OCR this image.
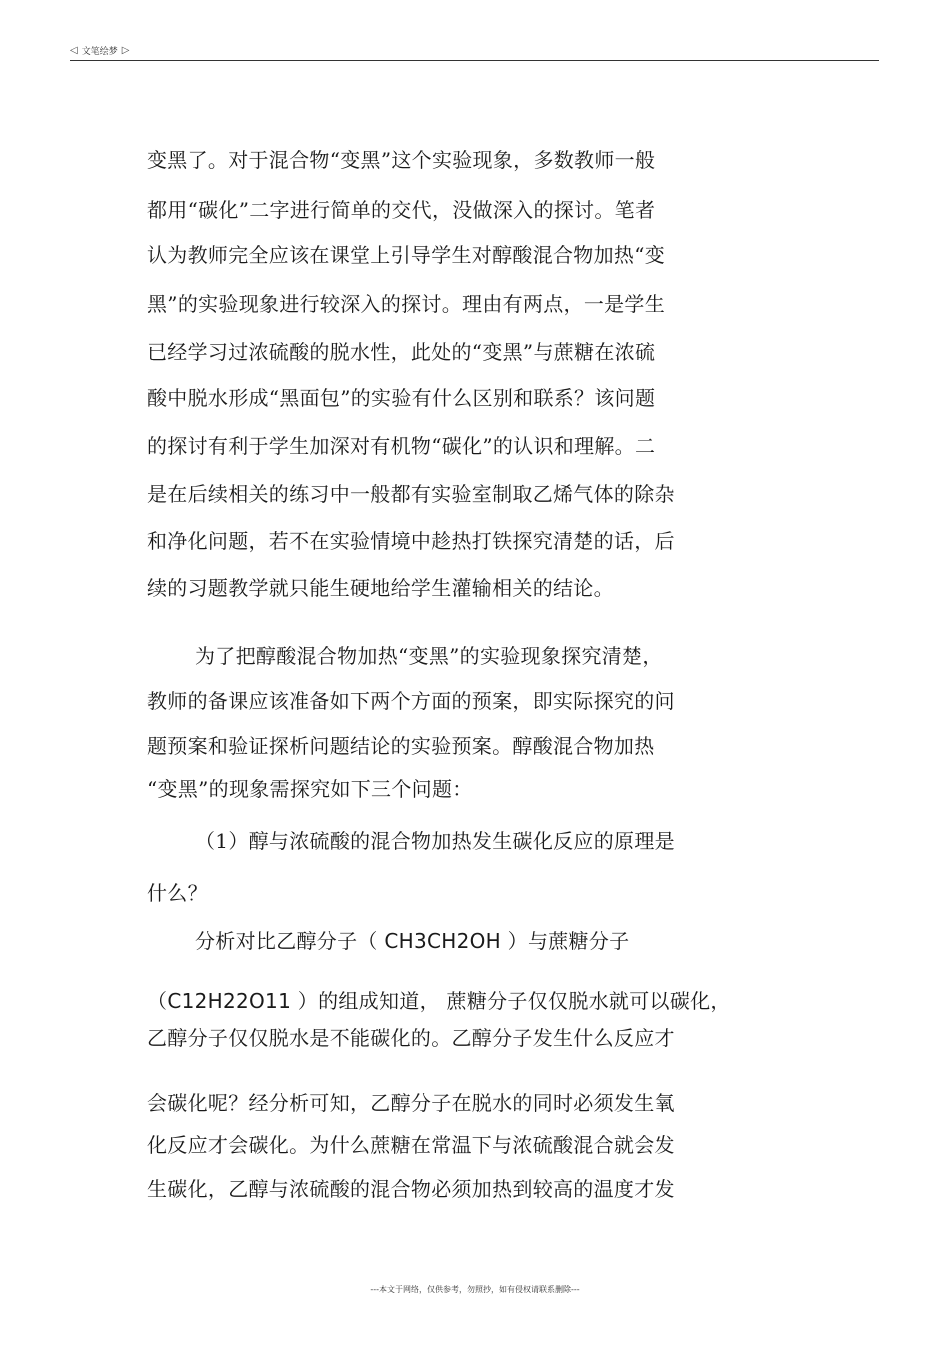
◁ 文笔绘梦 ▷
变黑了。对于混合物“变黑”这个实验现象，多数教师一般
都用“碳化”二字进行简单的交代，没做深入的探讨。笔者
认为教师完全应该在课堂上引导学生对醇酸混合物加热“变
黑”的实验现象进行较深入的探讨。理由有两点，一是学生
已经学习过浓硫酸的脱水性，此处的“变黑”与蔗糖在浓硫
酸中脱水形成“黑面包”的实验有什么区别和联系？该问题
的探讨有利于学生加深对有机物“碳化”的认识和理解。二
是在后续相关的练习中一般都有实验室制取乙烯气体的除杂
和净化问题，若不在实验情境中趁热打铁探究清楚的话，后
续的习题教学就只能生硬地给学生灌输相关的结论。
为了把醇酸混合物加热“变黑”的实验现象探究清楚，
教师的备课应该准备如下两个方面的预案，即实际探究的问
题预案和验证探析问题结论的实验预案。醇酸混合物加热
“变黑”的现象需探究如下三个问题：
（1）醇与浓硫酸的混合物加热发生碳化反应的原理是
什么？
分析对比乙醇分子（ CH3CH2OH ）与蔗糖分子
（C12H22O11 ）的组成知道， 蔗糖分子仅仅脱水就可以碳化，
乙醇分子仅仅脱水是不能碳化的。乙醇分子发生什么反应才
会碳化呢？经分析可知，乙醇分子在脱水的同时必须发生氧
化反应才会碳化。为什么蔗糖在常温下与浓硫酸混合就会发
生碳化，乙醇与浓硫酸的混合物必须加热到较高的温度才发
---本文于网络，仅供参考，勿照抄，如有侵权请联系删除---
